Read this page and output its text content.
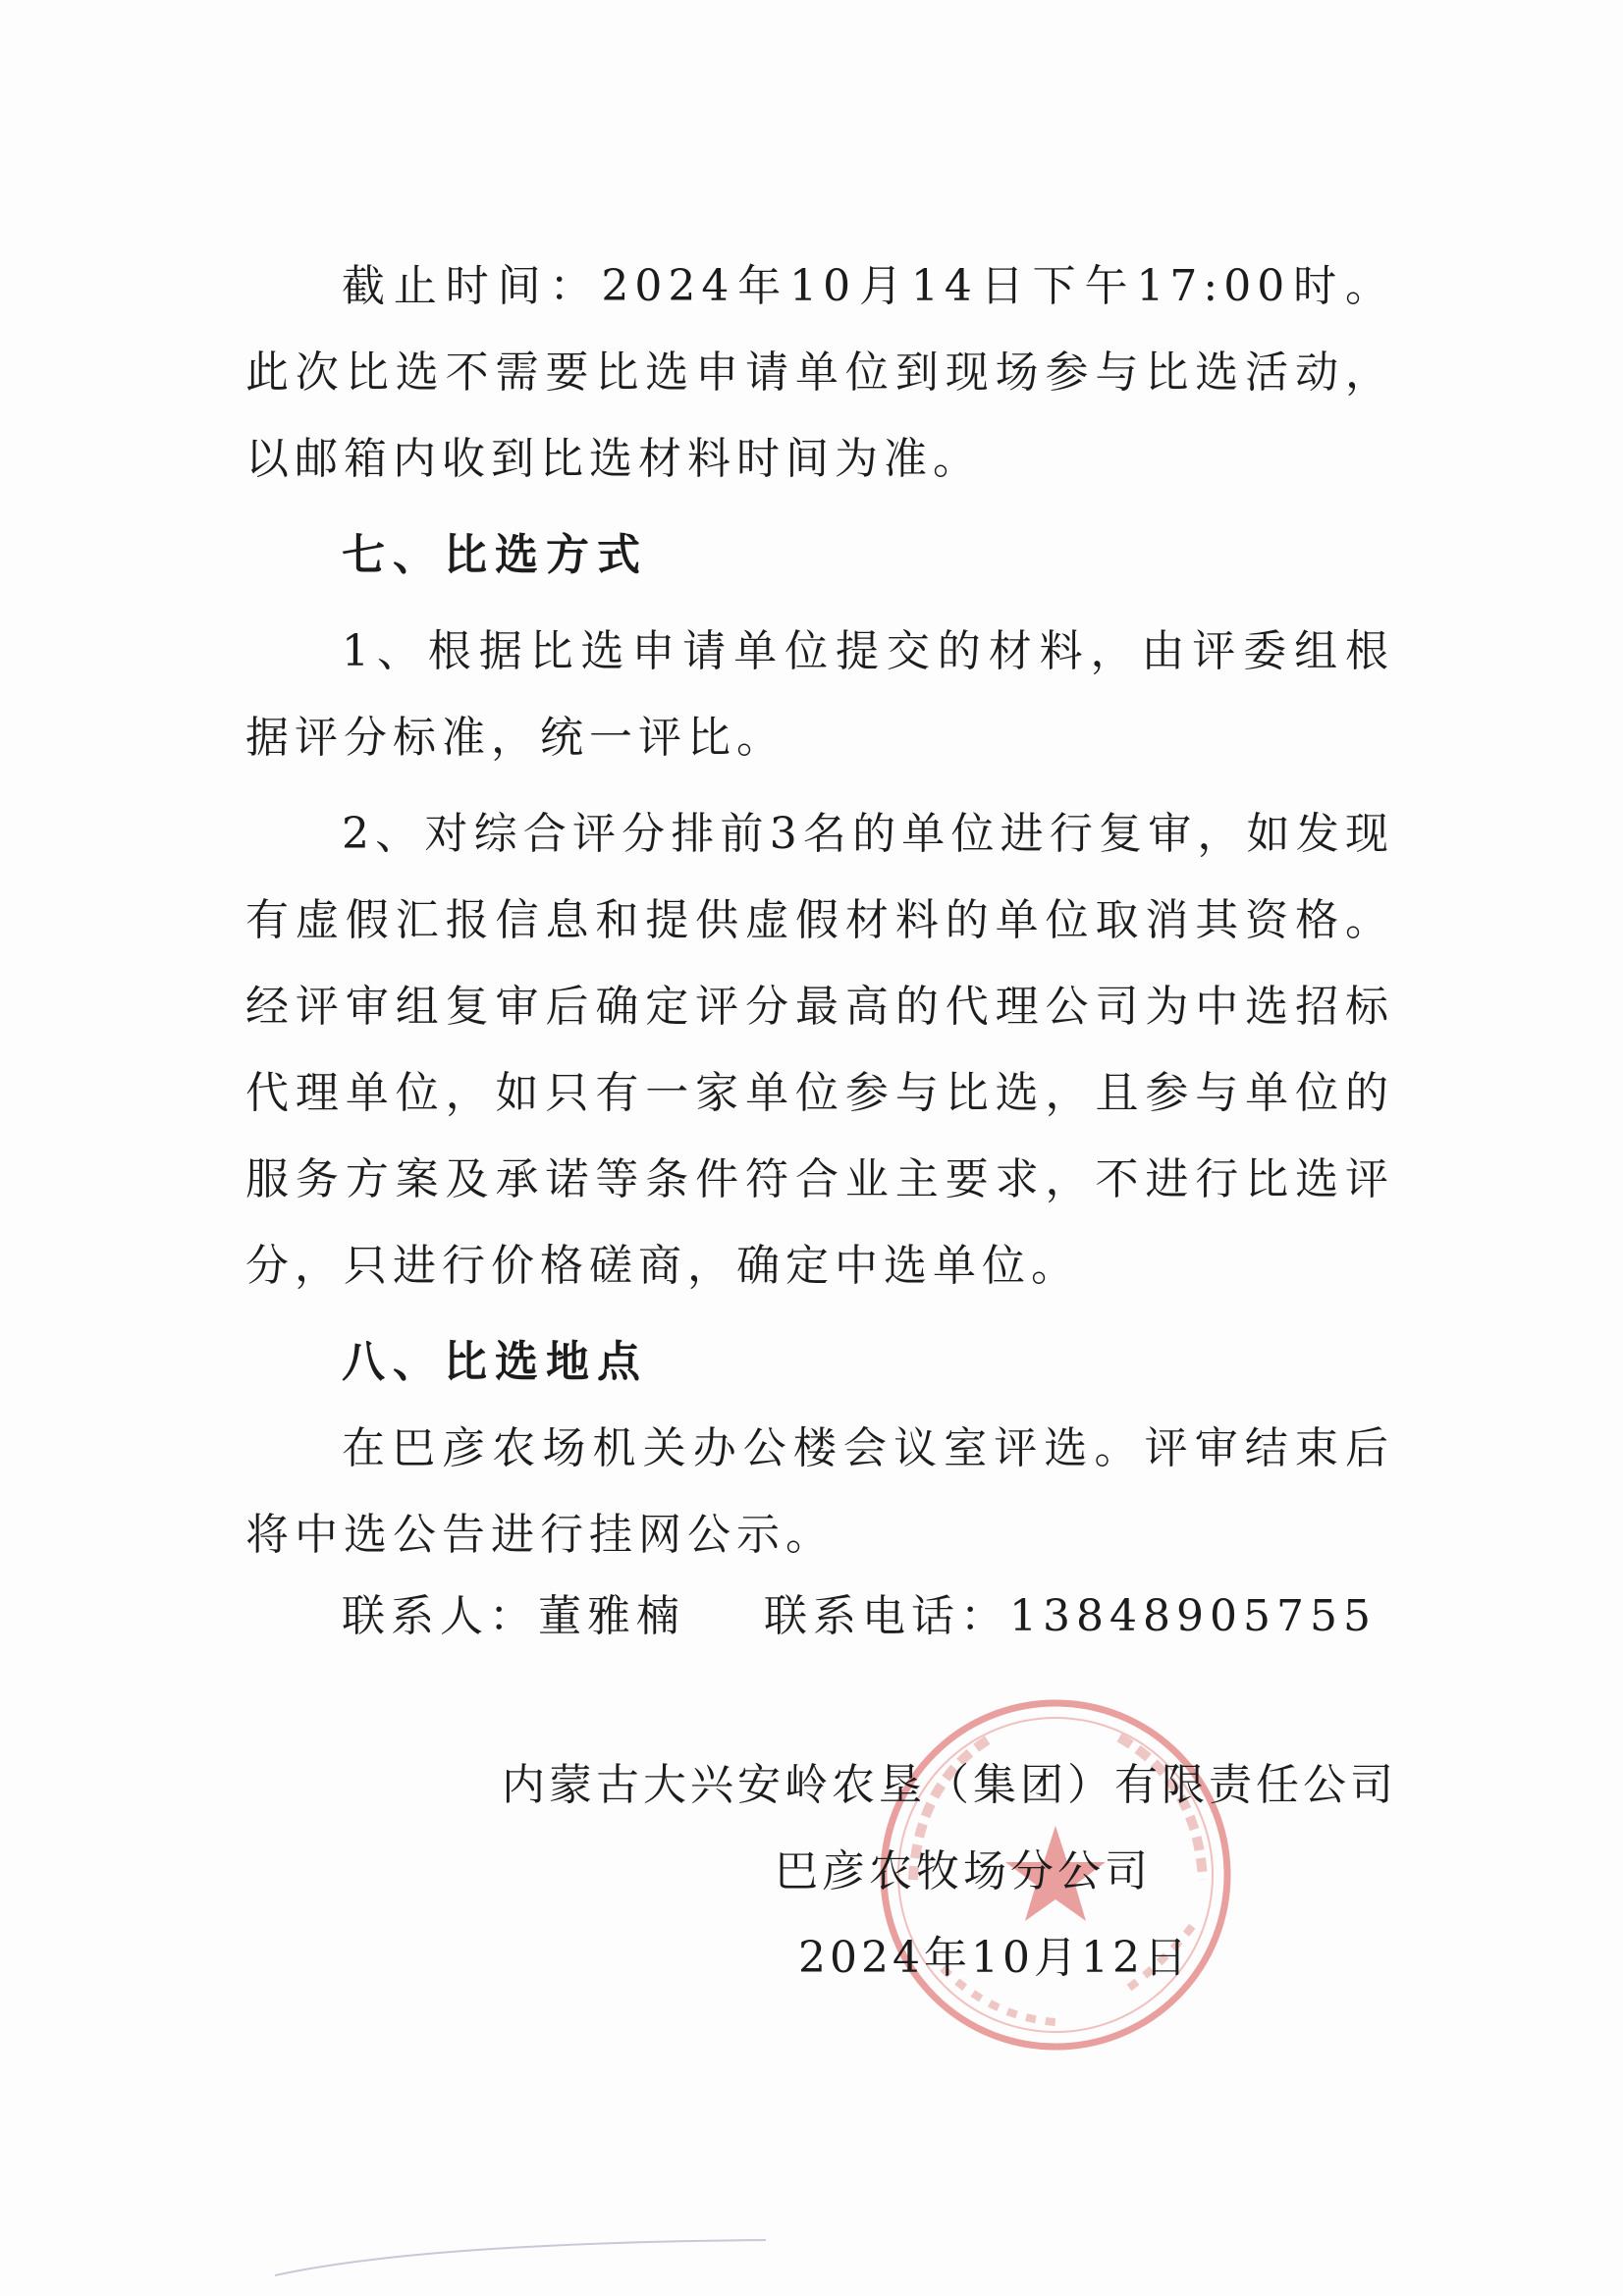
截止时间：2024年10月14日下午17:00时。此次比选不需要比选申请单位到现场参与比选活动，以邮箱内收到比选材料时间为准。

七、比选方式

1、根据比选申请单位提交的材料，由评委组根据评分标准，统一评比。

2、对综合评分排前3名的单位进行复审，如发现有虚假汇报信息和提供虚假材料的单位取消其资格。经评审组复审后确定评分最高的代理公司为中选招标代理单位，如只有一家单位参与比选，且参与单位的服务方案及承诺等条件符合业主要求，不进行比选评分，只进行价格磋商，确定中选单位。

八、比选地点

在巴彦农场机关办公楼会议室评选。评审结束后将中选公告进行挂网公示。

联系人：董雅楠 联系电话：13848905755
内蒙古大兴安岭农垦（集团）有限责任公司
巴彦农牧场分公司
2024年10月12日
